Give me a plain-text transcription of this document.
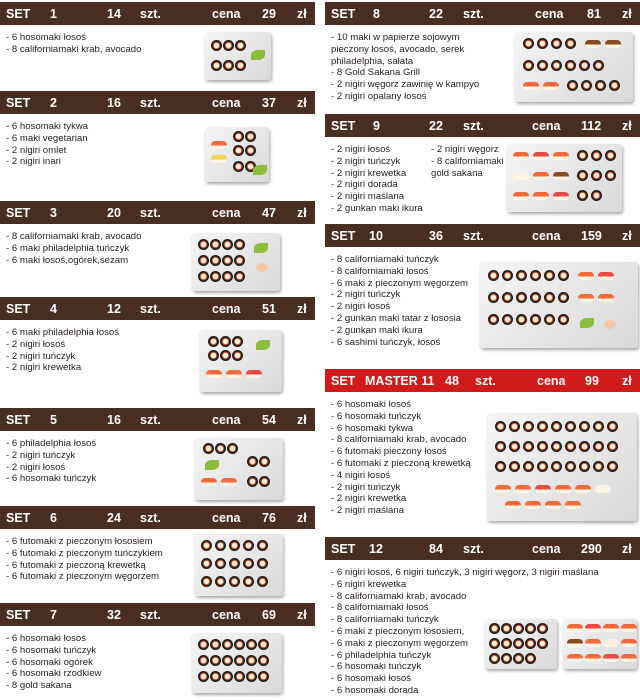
SET 1	14 szt.	cena 29 zł
- 6 hosomaki łosoś
- 8 californiamaki krab, avocado
SET 2	16 szt.	cena 37 zł
- 6 hosomaki tykwa
- 6 maki vegetarian
- 2 nigiri omlet
- 2 nigiri inari
SET 3	20 szt.	cena 47 zł
- 8 californiamaki krab, avocado
- 6 maki philadelphia tuńczyk
- 6 maki łosoś,ogórek,sezam
SET 4	12 szt.	cena 51 zł
- 6 maki philadelphia łosoś
- 2 nigiri łosoś
- 2 nigiri tuńczyk
- 2 nigiri krewetka
SET 5	16 szt.	cena 54 zł
- 6 philadelphia łosoś
- 2 nigiri tuńczyk
- 2 nigiri łosoś
- 6 hosomaki tuńczyk
SET 6	24 szt.	cena 76 zł
- 6 futomaki z pieczonym łososiem
- 6 futomaki z pieczonym tuńczykiem
- 6 futomaki z pieczoną krewetką
- 6 futomaki z pieczonym węgorzem
SET 7	32 szt.	cena 69 zł
- 6 hosomaki łosoś
- 6 hosomaki tuńczyk
- 6 hosomaki ogórek
- 6 hosomaki rzodkiew
- 8 gold sakana
SET 8	22 szt.	cena 81 zł
- 10 maki w papierze sojowym pieczony łosoś, avocado, serek philadelphia, sałata
- 8 Gold Sakana Grill
- 2 nigiri węgorz zawinię w kampyo
- 2 nigiri opalany łosoś
SET 9	22 szt.	cena 112 zł
- 2 nigiri łosoś
- 2 nigiri tuńczyk
- 2 nigiri krewetka
- 2 nigiri dorada
- 2 nigiri maślana
- 2 gunkan maki ikura
- 2 nigiri węgorz
- 8 californiamaki gold sakana
SET 10	36 szt.	cena 159 zł
- 8 californiamaki tuńczyk
- 8 californiamaki łosoś
- 6 maki z pieczonym węgorzem
- 2 nigiri tuńczyk
- 2 nigiri łosoś
- 2 gunkan maki tatar z łososia
- 2 gunkan maki ikura
- 6 sashimi tuńczyk, łosoś
SET MASTER 11 48 szt.	cena 99 zł
- 6 hosomaki łosoś
- 6 hosomaki tuńczyk
- 6 hosomaki tykwa
- 8 californiamaki krab, avocado
- 6 futomaki pieczony łosoś
- 6 futomaki z pieczoną krewetką
- 4 nigiri łosoś
- 2 nigiri tuńczyk
- 2 nigiri krewetka
- 2 nigiri maślana
SET 12	84 szt.	cena 290 zł
- 6 nigiri łosoś, 6 nigiri tuńczyk, 3 nigiri węgorz, 3 nigiri maślana
- 6 nigiri krewetka
- 8 californiamaki krab, avocado
- 8 californiamaki łosoś
- 8 californiamaki tuńczyk
- 6 maki z pieczonym łososiem,
- 6 maki z pieczonym węgorzem
- 6 philadelphia tuńczyk
- 6 hosomaki tuńczyk
- 6 hosomaki łosoś
- 6 hosomaki dorada
